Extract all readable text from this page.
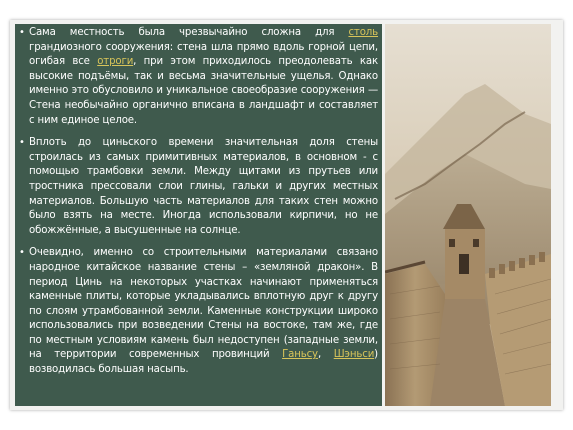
• Сама местность была чрезвычайно сложна для столь грандиозного сооружения: стена шла прямо вдоль горной цепи, огибая все отроги, при этом приходилось преодолевать как высокие подъёмы, так и весьма значительные ущелья. Однако именно это обусловило и уникальное своеобразие сооружения — Стена необычайно органично вписана в ландшафт и составляет с ним единое целое.

• Вплоть до циньского времени значительная доля стены строилась из самых примитивных материалов, в основном - с помощью трамбовки земли. Между щитами из прутьев или тростника прессовали слои глины, гальки и других местных материалов. Большую часть материалов для таких стен можно было взять на месте. Иногда использовали кирпичи, но не обожжённые, а высушенные на солнце.

• Очевидно, именно со строительными материалами связано народное китайское название стены – «земляной дракон». В период Цинь на некоторых участках начинают применяться каменные плиты, которые укладывались вплотную друг к другу по слоям утрамбованной земли. Каменные конструкции широко использовались при возведении Стены на востоке, там же, где по местным условиям камень был недоступен (западные земли, на территории современных провинций Ганьсу, Шэньси) возводилась большая насыпь.
